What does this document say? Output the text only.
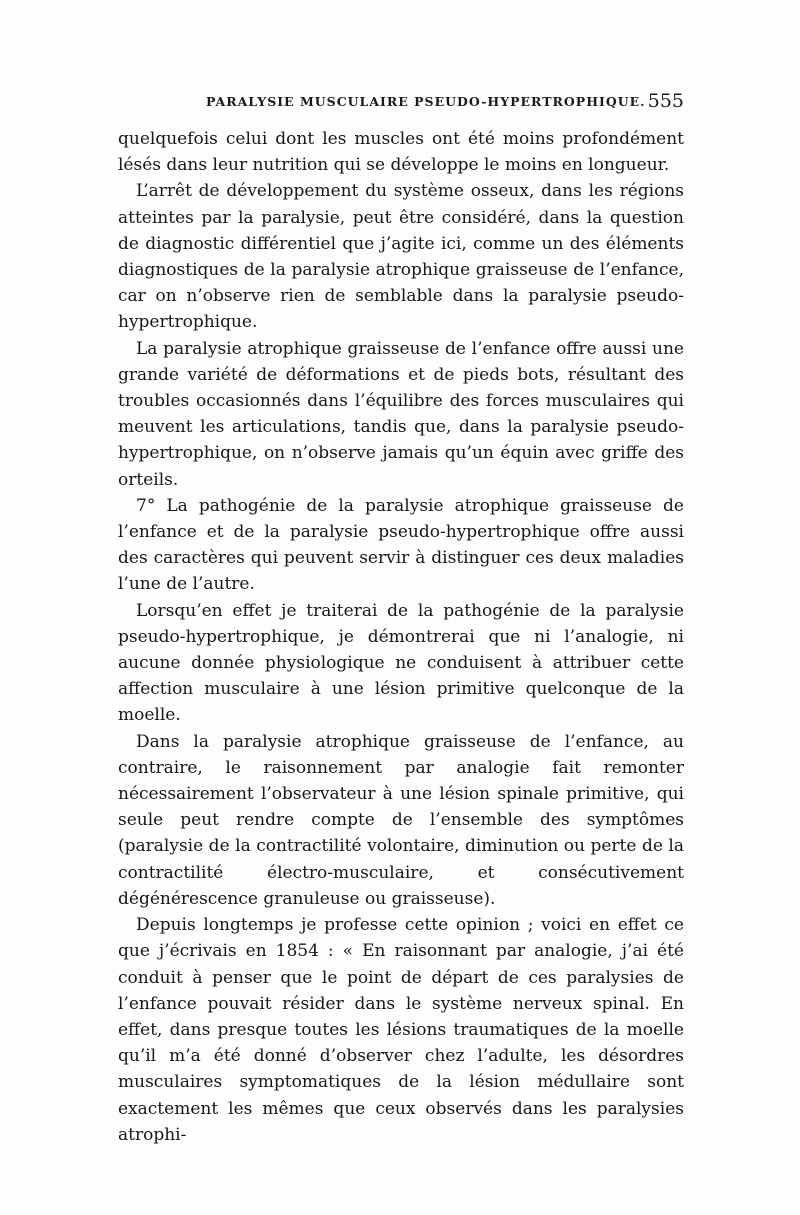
PARALYSIE MUSCULAIRE PSEUDO-HYPERTROPHIQUE. 555

quelquefois celui dont les muscles ont été moins profondément lésés dans leur nutrition qui se développe le moins en longueur.

L’arrêt de développement du système osseux, dans les régions atteintes par la paralysie, peut être considéré, dans la question de diagnostic différentiel que j’agite ici, comme un des éléments diagnostiques de la paralysie atrophique graisseuse de l’enfance, car on n’observe rien de semblable dans la paralysie pseudo-hypertrophique.

La paralysie atrophique graisseuse de l’enfance offre aussi une grande variété de déformations et de pieds bots, résultant des troubles occasionnés dans l’équilibre des forces musculaires qui meuvent les articulations, tandis que, dans la paralysie pseudo-hypertrophique, on n’observe jamais qu’un équin avec griffe des orteils.

7° La pathogénie de la paralysie atrophique graisseuse de l’enfance et de la paralysie pseudo-hypertrophique offre aussi des caractères qui peuvent servir à distinguer ces deux maladies l’une de l’autre.

Lorsqu’en effet je traiterai de la pathogénie de la paralysie pseudo-hypertrophique, je démontrerai que ni l’analogie, ni aucune donnée physiologique ne conduisent à attribuer cette affection musculaire à une lésion primitive quelconque de la moelle.

Dans la paralysie atrophique graisseuse de l’enfance, au contraire, le raisonnement par analogie fait remonter nécessairement l’observateur à une lésion spinale primitive, qui seule peut rendre compte de l’ensemble des symptômes (paralysie de la contractilité volontaire, diminution ou perte de la contractilité électro-musculaire, et consécutivement dégénérescence granuleuse ou graisseuse).

Depuis longtemps je professe cette opinion ; voici en effet ce que j’écrivais en 1854 : « En raisonnant par analogie, j’ai été conduit à penser que le point de départ de ces paralysies de l’enfance pouvait résider dans le système nerveux spinal. En effet, dans presque toutes les lésions traumatiques de la moelle qu’il m’a été donné d’observer chez l’adulte, les désordres musculaires symptomatiques de la lésion médullaire sont exactement les mêmes que ceux observés dans les paralysies atrophi-
